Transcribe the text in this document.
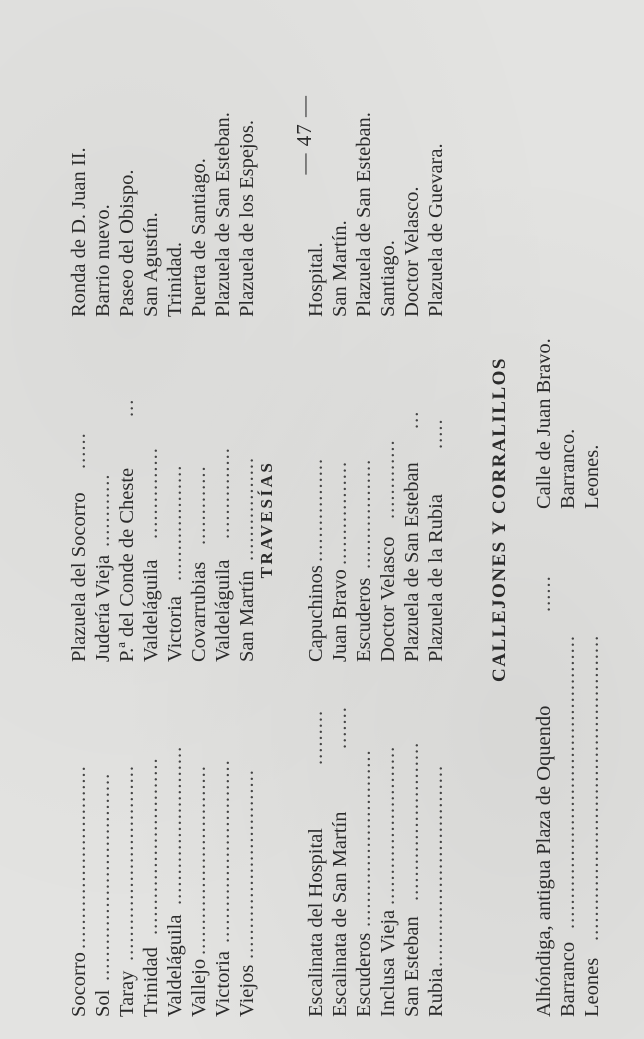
— 47 —
Socorro
..............................
Plazuela del Socorro
......
Ronda de D. Juan II.
Sol
..................................
Judería Vieja
............
Barrio nuevo.
Taray
................................
P.ª del Conde de Cheste
...
Paseo del Obispo.
Trinidad
.............................
Valdeláguila
...............
San Agustín.
Valdeláguila
..........................
Victoria
...................
Trinidad.
Vallejo
...............................
Covarrubias
.............
Puerta de Santiago.
Victoria
..............................
Valdeláguila
...............
Plazuela de San Esteban.
Viejos
...............................
San Martín
.................
Plazuela de los Espejos.
TRAVESÍAS
Escalinata del Hospital
.........
Capuchinos
.................
Hospital.
Escalinata de San Martín
.......
Juan Bravo
.................
San Martín.
Escuderos
.............................
Escuderos
..................
Plazuela de San Esteban.
Inclusa Vieja
..........................
Doctor Velasco
.............
Santiago.
San Esteban
..........................
Plazuela de San Esteban
...
Doctor Velasco.
Rubia
.................................
Plazuela de la Rubia
.....
Plazuela de Guevara.
CALLEJONES Y CORRALILLOS
Alhóndiga, antigua Plaza de Oquendo
......
Calle de Juan Bravo.
Barranco
................................................
Barranco.
Leones
..................................................
Leones.
